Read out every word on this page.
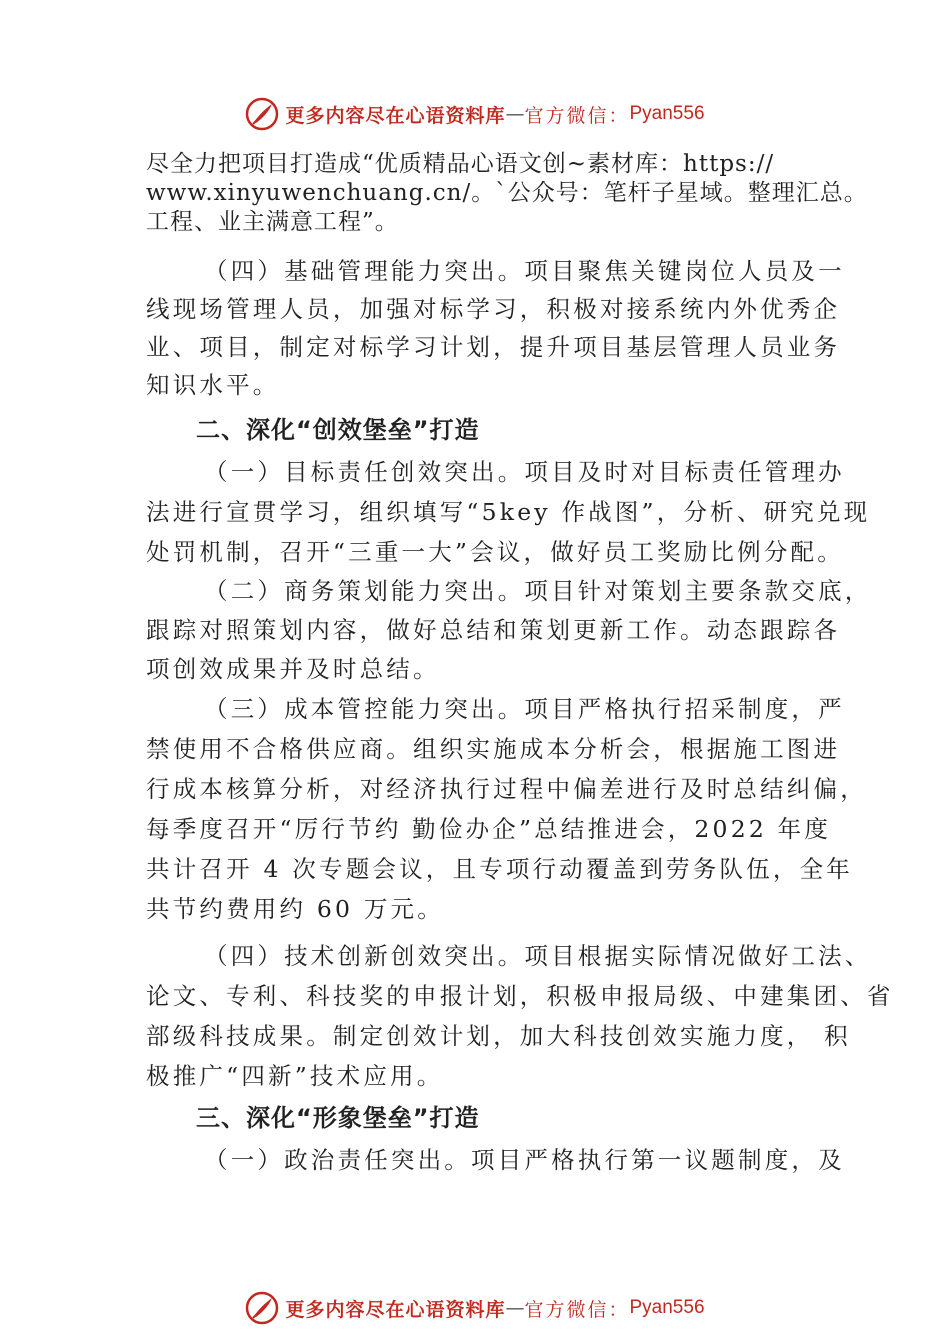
更多内容尽在心语资料库 — 官方微信： Pyan556

尽全力把项目打造成“优质精品心语文创~素材库：https://

www.xinyuwenchuang.cn/。`公众号：笔杆子星域。整理汇总。

工程、业主满意工程”。

（四）基础管理能力突出。项目聚焦关键岗位人员及一

线现场管理人员，加强对标学习，积极对接系统内外优秀企

业、项目，制定对标学习计划，提升项目基层管理人员业务

知识水平。

二、深化“创效堡垒”打造

（一）目标责任创效突出。项目及时对目标责任管理办

法进行宣贯学习，组织填写“5key 作战图”，分析、研究兑现

处罚机制，召开“三重一大”会议，做好员工奖励比例分配。

（二）商务策划能力突出。项目针对策划主要条款交底，

跟踪对照策划内容，做好总结和策划更新工作。动态跟踪各

项创效成果并及时总结。

（三）成本管控能力突出。项目严格执行招采制度，严

禁使用不合格供应商。组织实施成本分析会，根据施工图进

行成本核算分析，对经济执行过程中偏差进行及时总结纠偏，

每季度召开“厉行节约 勤俭办企”总结推进会，2022 年度

共计召开 4 次专题会议，且专项行动覆盖到劳务队伍，全年

共节约费用约 60 万元。

（四）技术创新创效突出。项目根据实际情况做好工法、

论文、专利、科技奖的申报计划，积极申报局级、中建集团、省

部级科技成果。制定创效计划，加大科技创效实施力度， 积

极推广“四新”技术应用。

三、深化“形象堡垒”打造

（一）政治责任突出。项目严格执行第一议题制度，及

更多内容尽在心语资料库 — 官方微信： Pyan556
